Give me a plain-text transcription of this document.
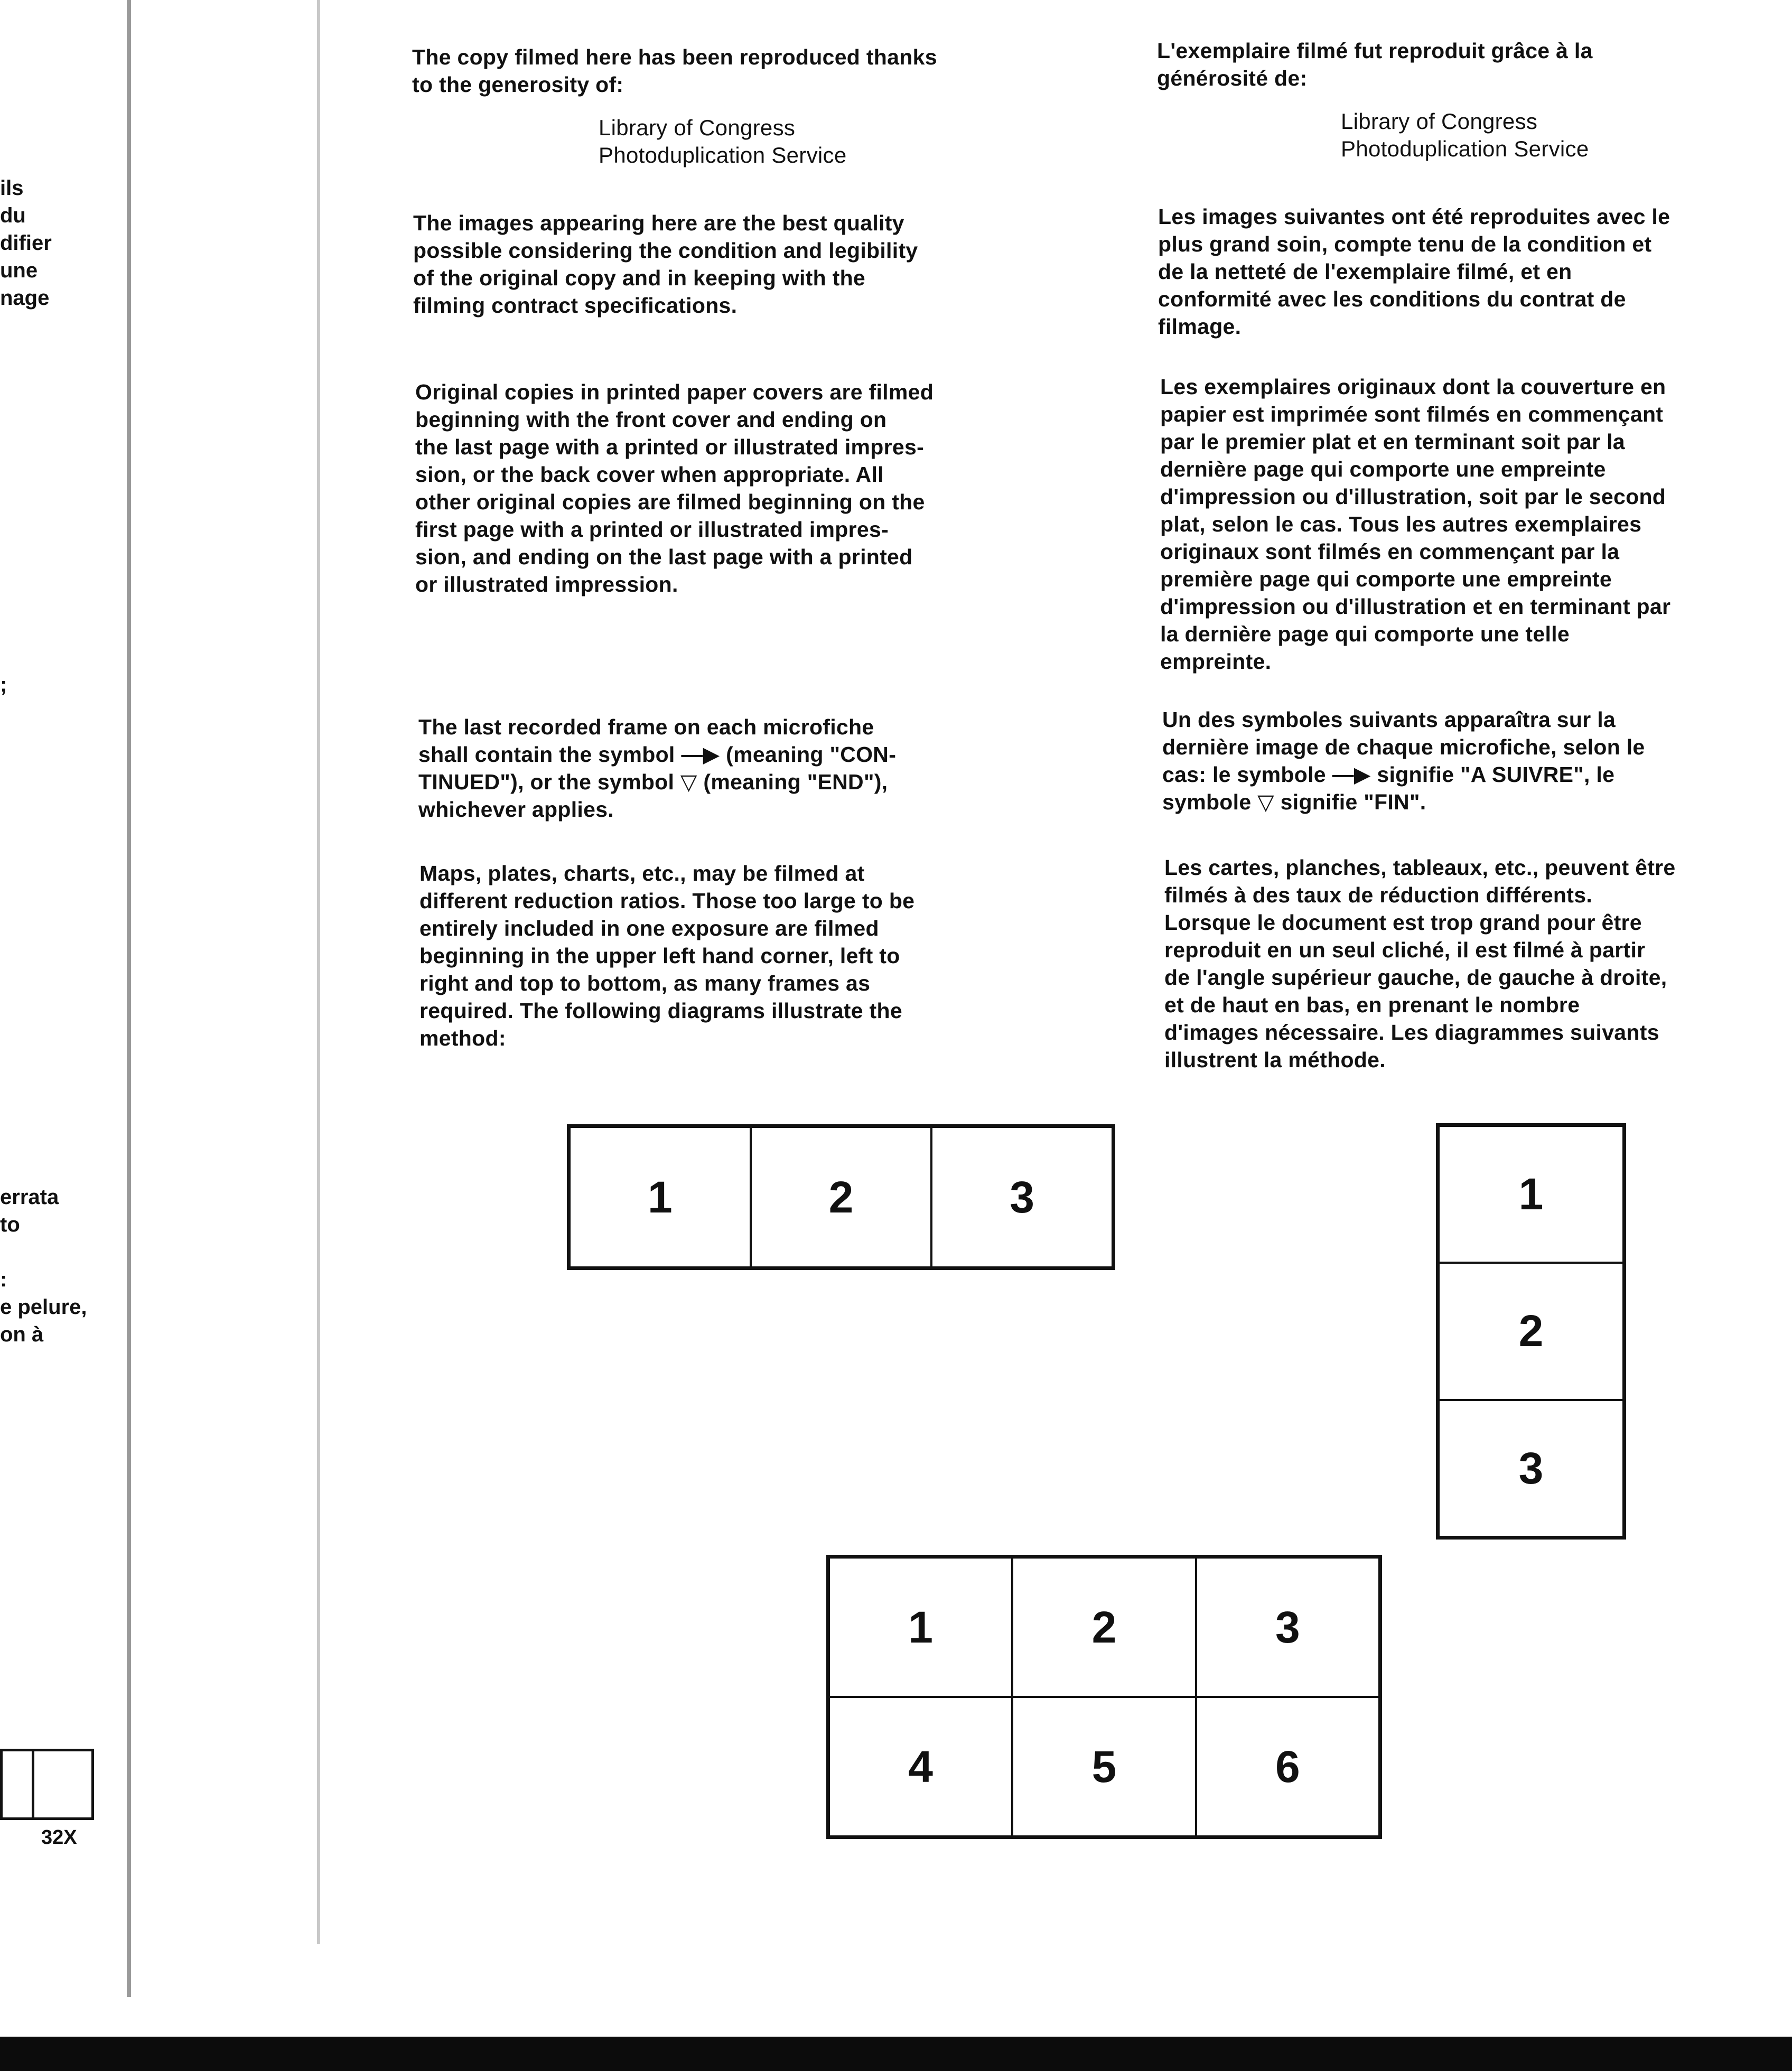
ils
du
difier
une
nage
;
errata
to

:
e pelure,
on à
32X
The copy filmed here has been reproduced thanks
to the generosity of:
Library of Congress
Photoduplication Service
The images appearing here are the best quality
possible considering the condition and legibility
of the original copy and in keeping with the
filming contract specifications.
Original copies in printed paper covers are filmed
beginning with the front cover and ending on
the last page with a printed or illustrated impres-
sion, or the back cover when appropriate. All
other original copies are filmed beginning on the
first page with a printed or illustrated impres-
sion, and ending on the last page with a printed
or illustrated impression.
The last recorded frame on each microfiche
shall contain the symbol —▶ (meaning "CON-
TINUED"), or the symbol ▽ (meaning "END"),
whichever applies.
Maps, plates, charts, etc., may be filmed at
different reduction ratios. Those too large to be
entirely included in one exposure are filmed
beginning in the upper left hand corner, left to
right and top to bottom, as many frames as
required. The following diagrams illustrate the
method:
L'exemplaire filmé fut reproduit grâce à la
générosité de:
Library of Congress
Photoduplication Service
Les images suivantes ont été reproduites avec le
plus grand soin, compte tenu de la condition et
de la netteté de l'exemplaire filmé, et en
conformité avec les conditions du contrat de
filmage.
Les exemplaires originaux dont la couverture en
papier est imprimée sont filmés en commençant
par le premier plat et en terminant soit par la
dernière page qui comporte une empreinte
d'impression ou d'illustration, soit par le second
plat, selon le cas. Tous les autres exemplaires
originaux sont filmés en commençant par la
première page qui comporte une empreinte
d'impression ou d'illustration et en terminant par
la dernière page qui comporte une telle
empreinte.
Un des symboles suivants apparaîtra sur la
dernière image de chaque microfiche, selon le
cas: le symbole —▶ signifie "A SUIVRE", le
symbole ▽ signifie "FIN".
Les cartes, planches, tableaux, etc., peuvent être
filmés à des taux de réduction différents.
Lorsque le document est trop grand pour être
reproduit en un seul cliché, il est filmé à partir
de l'angle supérieur gauche, de gauche à droite,
et de haut en bas, en prenant le nombre
d'images nécessaire. Les diagrammes suivants
illustrent la méthode.
1	2	3	1
2
3
1	2	3
4	5	6
